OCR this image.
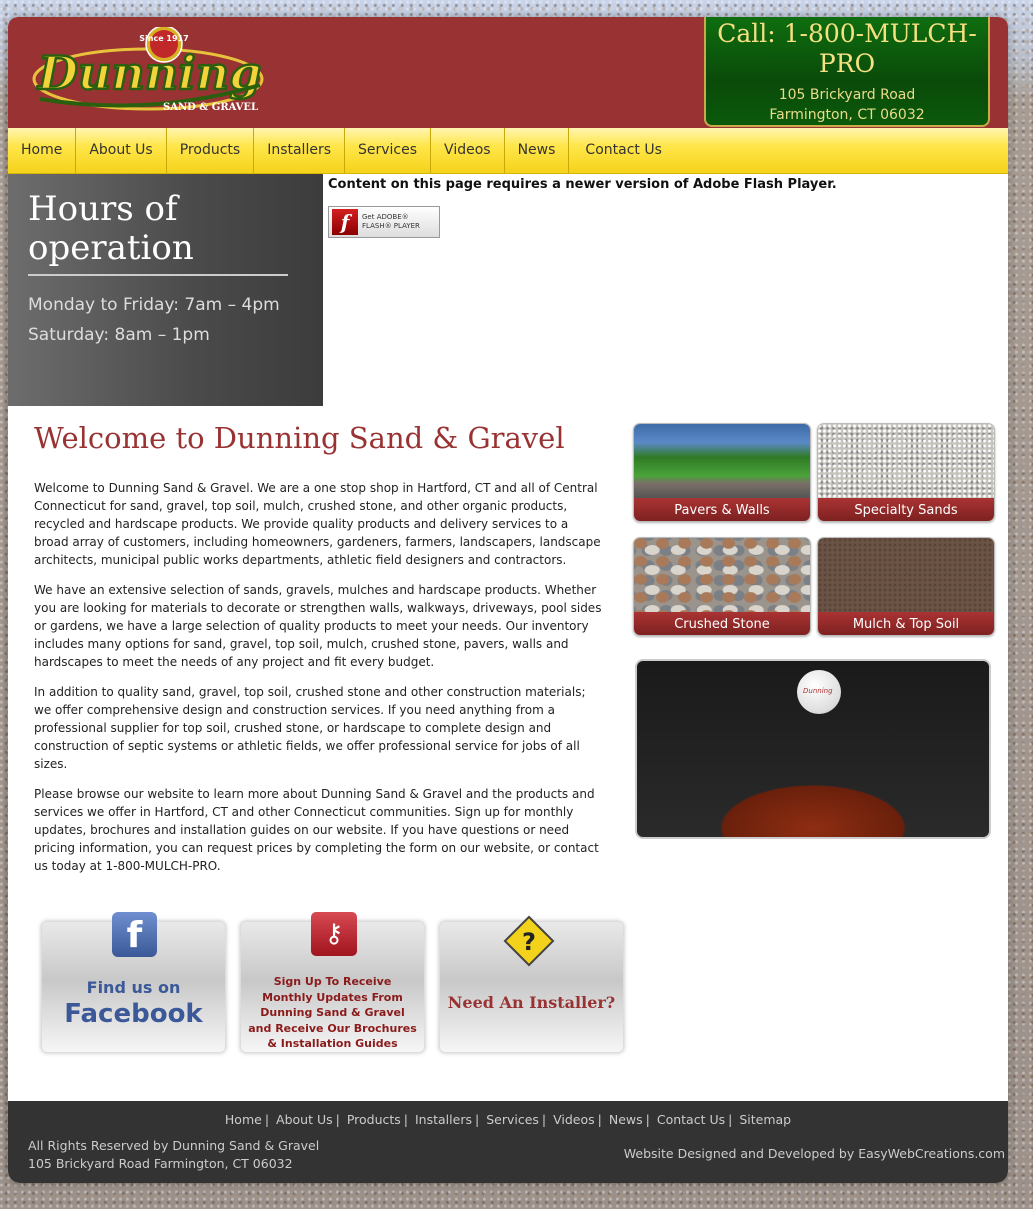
Since 1917
Dunning
SAND & GRAVEL
Call: 1-800-MULCH-PRO
105 Brickyard Road
Farmington, CT 06032
Home	About Us	Products	Installers	Services	Videos	News	Contact Us
Hours of operation

Monday to Friday: 7am – 4pm

Saturday: 8am – 1pm

Content on this page requires a newer version of Adobe Flash Player.
f	Get ADOBE®
FLASH® PLAYER
Welcome to Dunning Sand & Gravel

Welcome to Dunning Sand & Gravel. We are a one stop shop in Hartford, CT and all of Central Connecticut for sand, gravel, top soil, mulch, crushed stone, and other organic products, recycled and hardscape products. We provide quality products and delivery services to a broad array of customers, including homeowners, gardeners, farmers, landscapers, landscape architects, municipal public works departments, athletic field designers and contractors.

We have an extensive selection of sands, gravels, mulches and hardscape products. Whether you are looking for materials to decorate or strengthen walls, walkways, driveways, pool sides or gardens, we have a large selection of quality products to meet your needs. Our inventory includes many options for sand, gravel, top soil, mulch, crushed stone, pavers, walls and hardscapes to meet the needs of any project and fit every budget.

In addition to quality sand, gravel, top soil, crushed stone and other construction materials; we offer comprehensive design and construction services. If you need anything from a professional supplier for top soil, crushed stone, or hardscape to complete design and construction of septic systems or athletic fields, we offer professional service for jobs of all sizes.

Please browse our website to learn more about Dunning Sand & Gravel and the products and services we offer in Hartford, CT and other Connecticut communities. Sign up for monthly updates, brochures and installation guides on our website. If you have questions or need pricing information, you can request prices by completing the form on our website, or contact us today at 1-800-MULCH-PRO.

Pavers & Walls	Specialty Sands
Crushed Stone	Mulch & Top Soil
Dunning
f
Find us on
Facebook
⚷
Sign Up To Receive Monthly Updates From Dunning Sand & Gravel and Receive Our Brochures & Installation Guides
?
Need An Installer?
Home | About Us | Products | Installers | Services | Videos | News | Contact Us | Sitemap
All Rights Reserved by Dunning Sand & Gravel
105 Brickyard Road Farmington, CT 06032
Website Designed and Developed by EasyWebCreations.com
